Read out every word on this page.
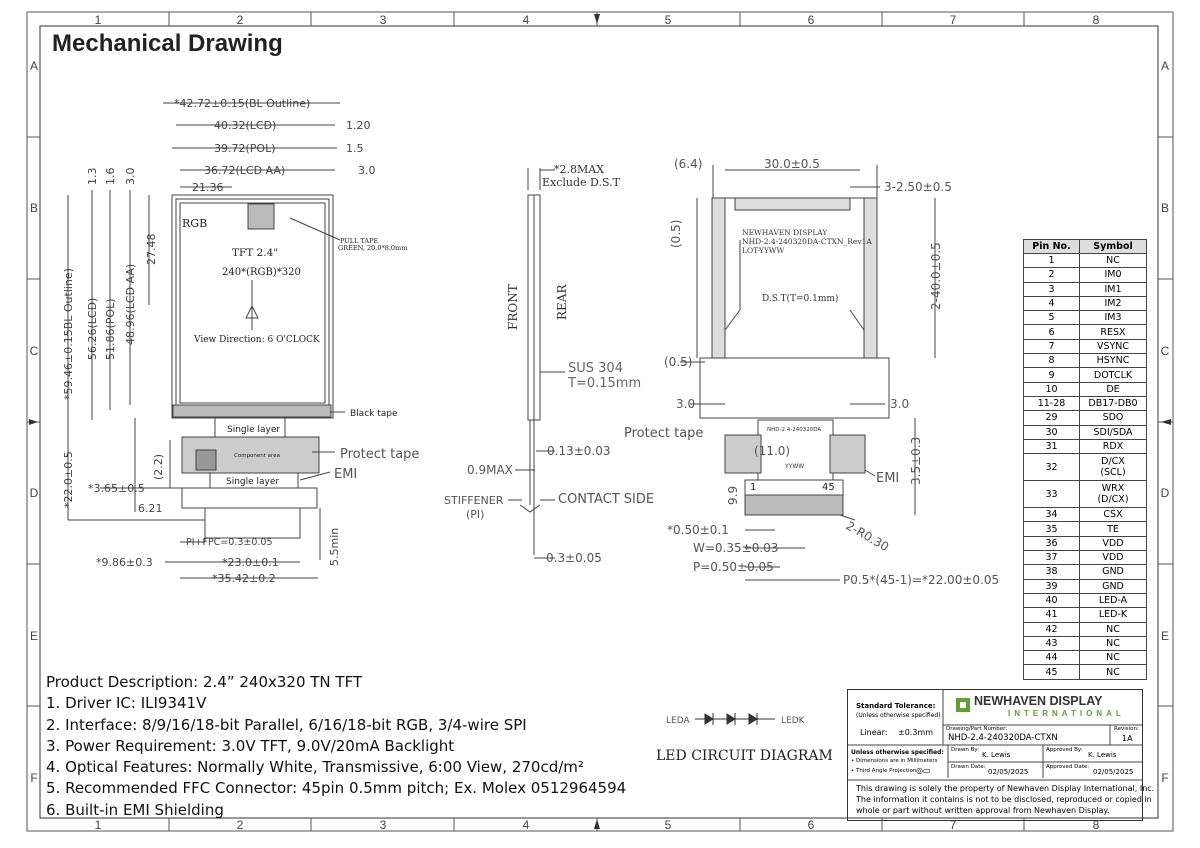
1	2	3	4	5	6	7	8
1	2	3	4	5	6	7	8
A
B
C
D
E
F
A
B
C
D
E
F
*42.72±0.15(BL Outline)
40.32(LCD)
39.72(POL)
36.72(LCD AA)
21.36
1.20
1.5
3.0
1.3 1.6 3.0
27.48
*59.46±0.15BL Outline) 56.26(LCD) 51.86(POL) 48.96(LCD AA)
*22.0±0.5	(2.2)
*3.65±0.5
6.21
*9.86±0.3	*23.0±0.1
*35.42±0.2
5.5min
PI+FPC=0.3±0.05
RGB
TFT 2.4"
240*(RGB)*320
View Direction: 6 O'CLOCK
PULL TAPE
GREEN, 20.0*8.0mm
Black tape
Single layer
Component area
Single layer
Protect tape
EMI
*2.8MAX
Exclude D.S.T
FRONT	REAR
SUS 304
T=0.15mm
0.13±0.03
0.9MAX
STIFFENER
(PI)
CONTACT SIDE
0.3±0.05
(6.4)	30.0±0.5
3-2.50±0.5
(0.5)
2-40.0±0.5
NEWHAVEN DISPLAY
NHD-2.4-240320DA-CTXN_Rev1A
LOT-YYWW
D.S.T(T=0.1mm)
(0.5)
3.0	3.0
Protect tape	NHD-2.4-240320DA
(11.0)
YYWW
1	45
EMI
9.9
3.5±0.3
*0.50±0.1
W=0.35±0.03
P=0.50±0.05
2-R0.30
P0.5*(45-1)=*22.00±0.05
LEDA	LEDK
LED CIRCUIT DIAGRAM
Mechanical Drawing
Product Description: 2.4” 240x320 TN TFT
1. Driver IC: ILI9341V
2. Interface: 8/9/16/18-bit Parallel, 6/16/18-bit RGB, 3/4-wire SPI
3. Power Requirement: 3.0V TFT, 9.0V/20mA Backlight
4. Optical Features: Normally White, Transmissive, 6:00 View, 270cd/m²
5. Recommended FFC Connector: 45pin 0.5mm pitch; Ex. Molex 0512964594
6. Built-in EMI Shielding
Pin No.	Symbol
1	NC
2	IM0
3	IM1
4	IM2
5	IM3
6	RESX
7	VSYNC
8	HSYNC
9	DOTCLK
10	DE
11-28	DB17-DB0
29	SDO
30	SDI/SDA
31	RDX
32	D/CX
(SCL)
33	WRX
(D/CX)
34	CSX
35	TE
36	VDD
37	VDD
38	GND
39	GND
40	LED-A
41	LED-K
42	NC
43	NC
44	NC
45	NC
Standard Tolerance:
(Unless otherwise specified)
Linear: ±0.3mm
NEWHAVEN DISPLAY
INTERNATIONAL
Drawing/Part Number:
NHD-2.4-240320DA-CTXN
Revision:
1A
Unless otherwise specified:
• Dimensions are in Millimeters
• Third Angle Projection ◎▭
Drawn By:
K. Lewis
Approved By:
K. Lewis
Drawn Date:
02/05/2025
Approved Date:
02/05/2025
This drawing is solely the property of Newhaven Display International, Inc.
The information it contains is not to be disclosed, reproduced or copied in
whole or part without written approval from Newhaven Display.
